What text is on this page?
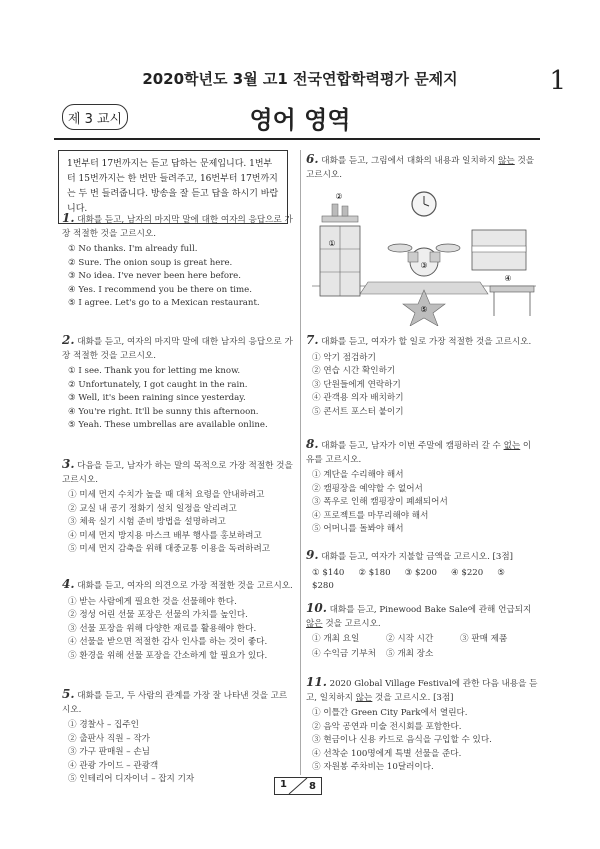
2020학년도 3월 고1 전국연합학력평가 문제지	1
제 3 교시	영어 영역
1번부터 17번까지는 듣고 답하는 문제입니다. 1번부터 15번까지는 한 번만 들려주고, 16번부터 17번까지는 두 번 들려줍니다. 방송을 잘 듣고 답을 하시기 바랍니다.
1. 대화를 듣고, 남자의 마지막 말에 대한 여자의 응답으로 가장 적절한 것을 고르시오.
① No thanks. I'm already full.
② Sure. The onion soup is great here.
③ No idea. I've never been here before.
④ Yes. I recommend you be there on time.
⑤ I agree. Let's go to a Mexican restaurant.
2. 대화를 듣고, 여자의 마지막 말에 대한 남자의 응답으로 가장 적절한 것을 고르시오.
① I see. Thank you for letting me know.
② Unfortunately, I got caught in the rain.
③ Well, it's been raining since yesterday.
④ You're right. It'll be sunny this afternoon.
⑤ Yeah. These umbrellas are available online.
3. 다음을 듣고, 남자가 하는 말의 목적으로 가장 적절한 것을 고르시오.
① 미세 먼지 수치가 높을 때 대처 요령을 안내하려고
② 교실 내 공기 정화기 설치 일정을 알리려고
③ 체육 실기 시험 준비 방법을 설명하려고
④ 미세 먼지 방지용 마스크 배부 행사를 홍보하려고
⑤ 미세 먼지 감축을 위해 대중교통 이용을 독려하려고
4. 대화를 듣고, 여자의 의견으로 가장 적절한 것을 고르시오.
① 받는 사람에게 필요한 것을 선물해야 한다.
② 정성 어린 선물 포장은 선물의 가치를 높인다.
③ 선물 포장을 위해 다양한 재료를 활용해야 한다.
④ 선물을 받으면 적절한 감사 인사를 하는 것이 좋다.
⑤ 환경을 위해 선물 포장을 간소하게 할 필요가 있다.
5. 대화를 듣고, 두 사람의 관계를 가장 잘 나타낸 것을 고르시오.
① 경찰사 – 집주인
② 출판사 직원 – 작가
③ 가구 판매원 – 손님
④ 관광 가이드 – 관광객
⑤ 인테리어 디자이너 – 잡지 기자
6. 대화를 듣고, 그림에서 대화의 내용과 일치하지 않는 것을 고르시오.
②
①
③
④
⑤
7. 대화를 듣고, 여자가 할 일로 가장 적절한 것을 고르시오.
① 악기 점검하기
② 연습 시간 확인하기
③ 단원들에게 연락하기
④ 관객용 의자 배치하기
⑤ 콘서트 포스터 붙이기
8. 대화를 듣고, 남자가 이번 주말에 캠핑하러 갈 수 없는 이유를 고르시오.
① 계단을 수리해야 해서
② 캠핑장을 예약할 수 없어서
③ 폭우로 인해 캠핑장이 폐쇄되어서
④ 프로젝트를 마무리해야 해서
⑤ 어머니를 돌봐야 해서
9. 대화를 듣고, 여자가 지불할 금액을 고르시오. [3점]
① $140 ② $180 ③ $200 ④ $220 ⑤ $280
10. 대화를 듣고, Pinewood Bake Sale에 관해 언급되지 않은 것을 고르시오.
① 개최 요일	② 시작 시간	③ 판매 제품
④ 수익금 기부처	⑤ 개최 장소
11. 2020 Global Village Festival에 관한 다음 내용을 듣고, 일치하지 않는 것을 고르시오. [3점]
① 이틀간 Green City Park에서 열린다.
② 음악 공연과 미술 전시회를 포함한다.
③ 현금이나 신용 카드로 음식을 구입할 수 있다.
④ 선착순 100명에게 특별 선물을 준다.
⑤ 자원봉 주차비는 10달러이다.
1 8
